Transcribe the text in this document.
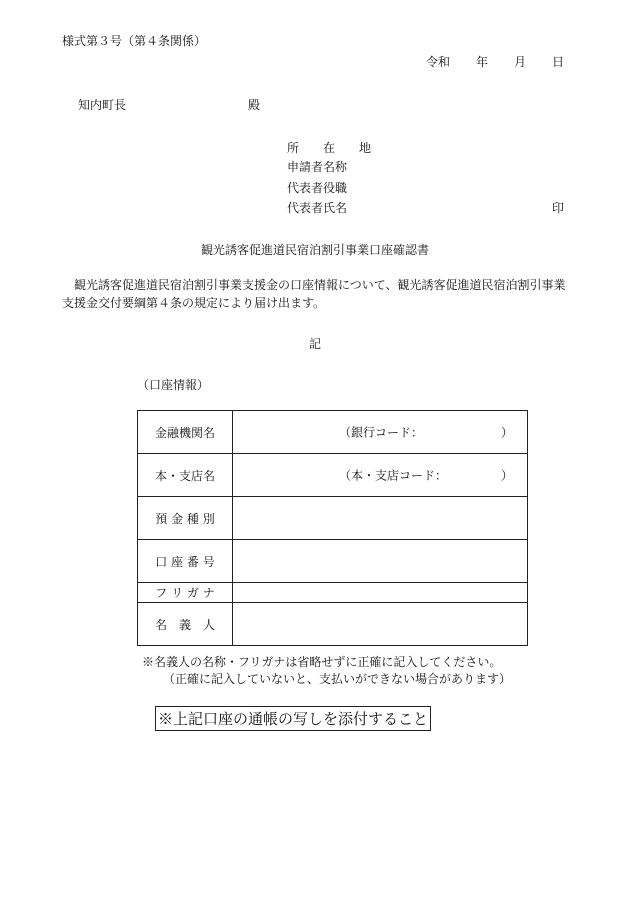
様式第３号（第４条関係）
令和 年 月 日
知内町長	殿
所　在　地
申請者名称
代表者役職
代表者氏名	印
観光誘客促進道民宿泊割引事業口座確認書
観光誘客促進道民宿泊割引事業支援金の口座情報について、観光誘客促進道民宿泊割引事業支援金交付要綱第４条の規定により届け出ます。
記
（口座情報）
金融機関名	（銀行コード：　　　　　　　）

本・支店名	（本・支店コード：　　　　　）

預 金 種 別	
口 座 番 号	
フ リ ガ ナ	
名　義　人	
※名義人の名称・フリガナは省略せずに正確に記入してください。
（正確に記入していないと、支払いができない場合があります）
※上記口座の通帳の写しを添付すること
